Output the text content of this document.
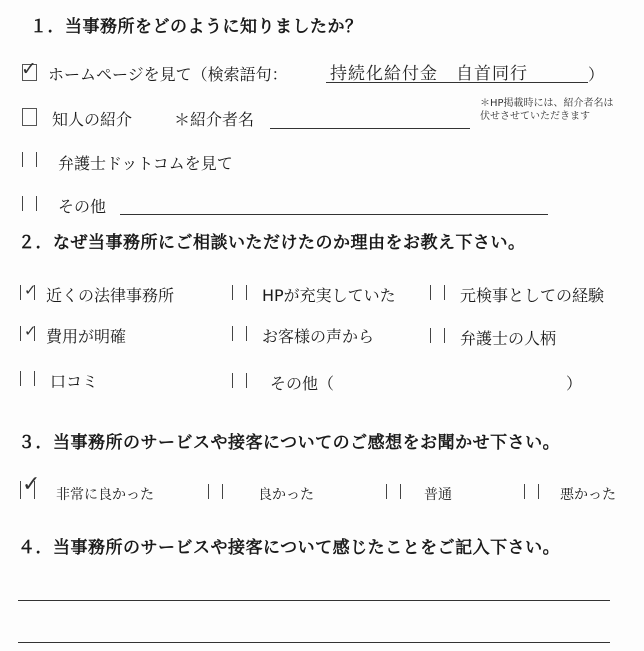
１．当事務所をどのように知りましたか？
✓ ホームページを見て（検索語句： 持続化給付金　自首同行	）
知人の紹介	＊紹介者名
＊HP掲載時には、紹介者名は
伏せさせていただきます
弁護士ドットコムを見て
その他
２．なぜ当事務所にご相談いただけたのか理由をお教え下さい。
✓ 近くの法律事務所	HPが充実していた	元検事としての経験
✓ 費用が明確	お客様の声から	弁護士の人柄
口コミ	その他（	）
３．当事務所のサービスや接客についてのご感想をお聞かせ下さい。
✓ 非常に良かった	良かった	普通	悪かった
４．当事務所のサービスや接客について感じたことをご記入下さい。
